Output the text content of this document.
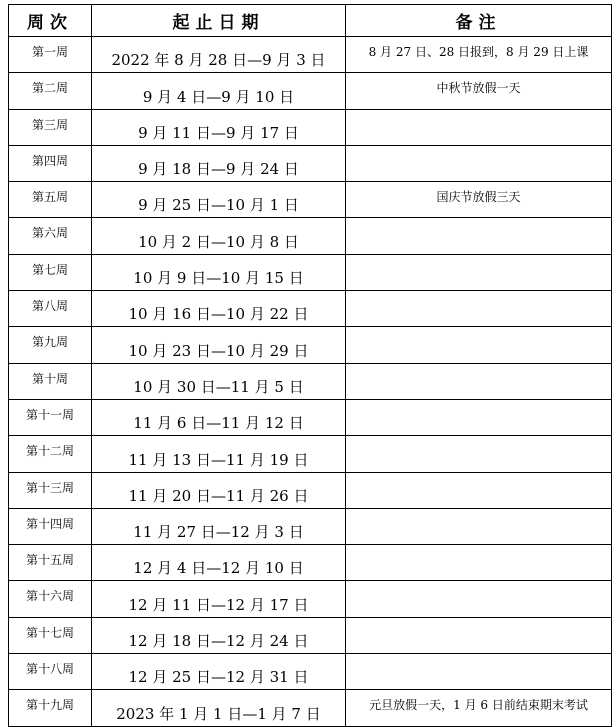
周次	起止日期	备注
第一周	2022 年 8 月 28 日—9 月 3 日	8 月 27 日、28 日报到，8 月 29 日上课
第二周	9 月 4 日—9 月 10 日	中秋节放假一天
第三周	9 月 11 日—9 月 17 日	
第四周	9 月 18 日—9 月 24 日	
第五周	9 月 25 日—10 月 1 日	国庆节放假三天
第六周	10 月 2 日—10 月 8 日	
第七周	10 月 9 日—10 月 15 日	
第八周	10 月 16 日—10 月 22 日	
第九周	10 月 23 日—10 月 29 日	
第十周	10 月 30 日—11 月 5 日	
第十一周	11 月 6 日—11 月 12 日	
第十二周	11 月 13 日—11 月 19 日	
第十三周	11 月 20 日—11 月 26 日	
第十四周	11 月 27 日—12 月 3 日	
第十五周	12 月 4 日—12 月 10 日	
第十六周	12 月 11 日—12 月 17 日	
第十七周	12 月 18 日—12 月 24 日	
第十八周	12 月 25 日—12 月 31 日	
第十九周	2023 年 1 月 1 日—1 月 7 日	元旦放假一天，1 月 6 日前结束期末考试
